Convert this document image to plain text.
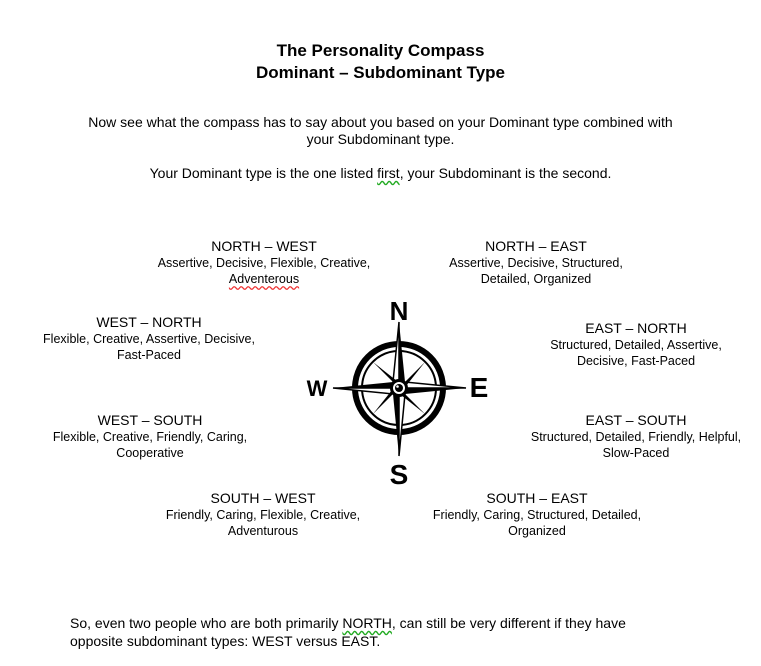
The Personality Compass
Dominant – Subdominant Type
Now see what the compass has to say about you based on your Dominant type combined with
your Subdominant type.
Your Dominant type is the one listed first, your Subdominant is the second.
NORTH – WEST
Assertive, Decisive, Flexible, Creative,
Adventerous
NORTH – EAST
Assertive, Decisive, Structured,
Detailed, Organized
WEST – NORTH
Flexible, Creative, Assertive, Decisive,
Fast-Paced
EAST – NORTH
Structured, Detailed, Assertive,
Decisive, Fast-Paced
WEST – SOUTH
Flexible, Creative, Friendly, Caring,
Cooperative
EAST – SOUTH
Structured, Detailed, Friendly, Helpful,
Slow-Paced
SOUTH – WEST
Friendly, Caring, Flexible, Creative,
Adventurous
SOUTH – EAST
Friendly, Caring, Structured, Detailed,
Organized
N
S
E
W
So, even two people who are both primarily NORTH, can still be very different if they have
opposite subdominant types: WEST versus EAST.
